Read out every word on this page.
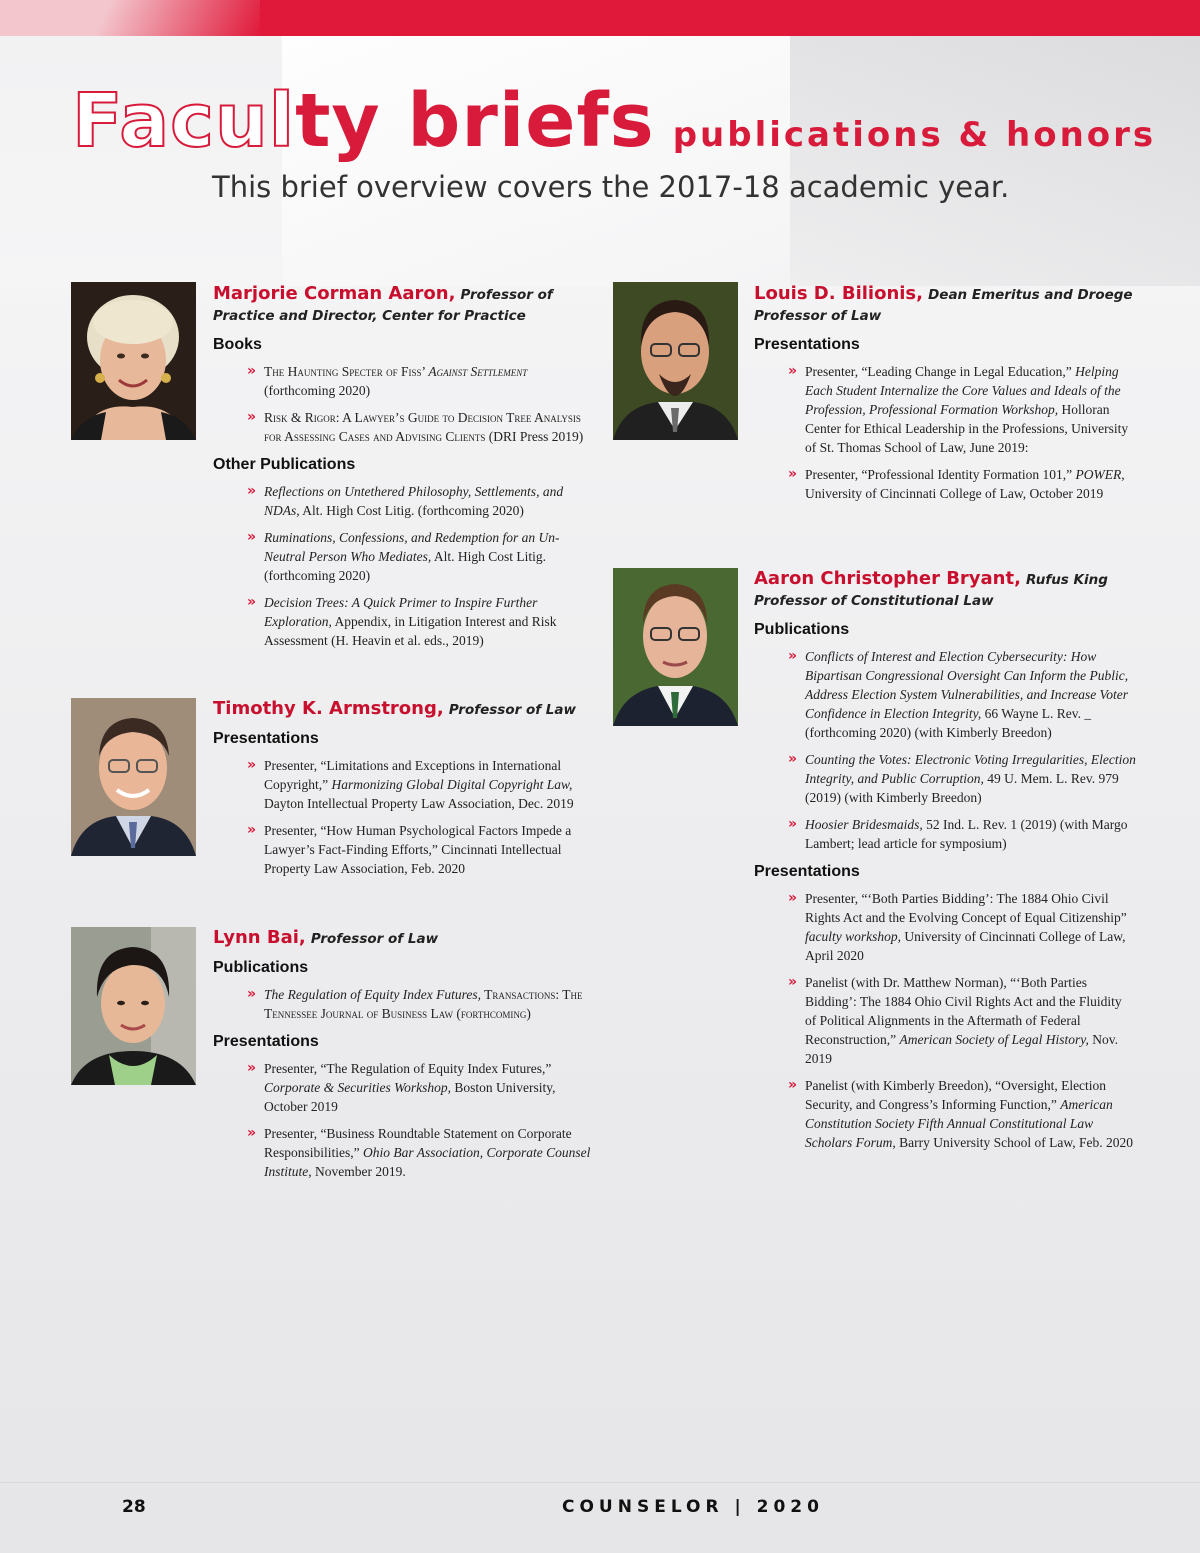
Faculty briefs publications & honors
This brief overview covers the 2017-18 academic year.
Marjorie Corman Aaron, Professor of Practice and Director, Center for Practice
Books
» The Haunting Specter of Fiss’ Against Settlement (forthcoming 2020)
» Risk & Rigor: A Lawyer’s Guide to Decision Tree Analysis for Assessing Cases and Advising Clients (DRI Press 2019)
Other Publications
» Reflections on Untethered Philosophy, Settlements, and NDAs, Alt. High Cost Litig. (forthcoming 2020)
» Ruminations, Confessions, and Redemption for an Un-Neutral Person Who Mediates, Alt. High Cost Litig. (forthcoming 2020)
» Decision Trees: A Quick Primer to Inspire Further Exploration, Appendix, in Litigation Interest and Risk Assessment (H. Heavin et al. eds., 2019)
Timothy K. Armstrong, Professor of Law
Presentations
» Presenter, “Limitations and Exceptions in International Copyright,” Harmonizing Global Digital Copyright Law, Dayton Intellectual Property Law Association, Dec. 2019
» Presenter, “How Human Psychological Factors Impede a Lawyer’s Fact-Finding Efforts,” Cincinnati Intellectual Property Law Association, Feb. 2020
Lynn Bai, Professor of Law
Publications
» The Regulation of Equity Index Futures, Transactions: The Tennessee Journal of Business Law (forthcoming)
Presentations
» Presenter, “The Regulation of Equity Index Futures,” Corporate & Securities Workshop, Boston University, October 2019
» Presenter, “Business Roundtable Statement on Corporate Responsibilities,” Ohio Bar Association, Corporate Counsel Institute, November 2019.
Louis D. Bilionis, Dean Emeritus and Droege Professor of Law
Presentations
» Presenter, “Leading Change in Legal Education,” Helping Each Student Internalize the Core Values and Ideals of the Profession, Professional Formation Workshop, Holloran Center for Ethical Leadership in the Professions, University of St. Thomas School of Law, June 2019:
» Presenter, “Professional Identity Formation 101,” POWER, University of Cincinnati College of Law, October 2019
Aaron Christopher Bryant, Rufus King Professor of Constitutional Law
Publications
» Conflicts of Interest and Election Cybersecurity: How Bipartisan Congressional Oversight Can Inform the Public, Address Election System Vulnerabilities, and Increase Voter Confidence in Election Integrity, 66 Wayne L. Rev. _ (forthcoming 2020) (with Kimberly Breedon)
» Counting the Votes: Electronic Voting Irregularities, Election Integrity, and Public Corruption, 49 U. Mem. L. Rev. 979 (2019) (with Kimberly Breedon)
» Hoosier Bridesmaids, 52 Ind. L. Rev. 1 (2019) (with Margo Lambert; lead article for symposium)
Presentations
» Presenter, “‘Both Parties Bidding’: The 1884 Ohio Civil Rights Act and the Evolving Concept of Equal Citizenship” faculty workshop, University of Cincinnati College of Law, April 2020
» Panelist (with Dr. Matthew Norman), “‘Both Parties Bidding’: The 1884 Ohio Civil Rights Act and the Fluidity of Political Alignments in the Aftermath of Federal Reconstruction,” American Society of Legal History, Nov. 2019
» Panelist (with Kimberly Breedon), “Oversight, Election Security, and Congress’s Informing Function,” American Constitution Society Fifth Annual Constitutional Law Scholars Forum, Barry University School of Law, Feb. 2020
28	COUNSELOR | 2020
